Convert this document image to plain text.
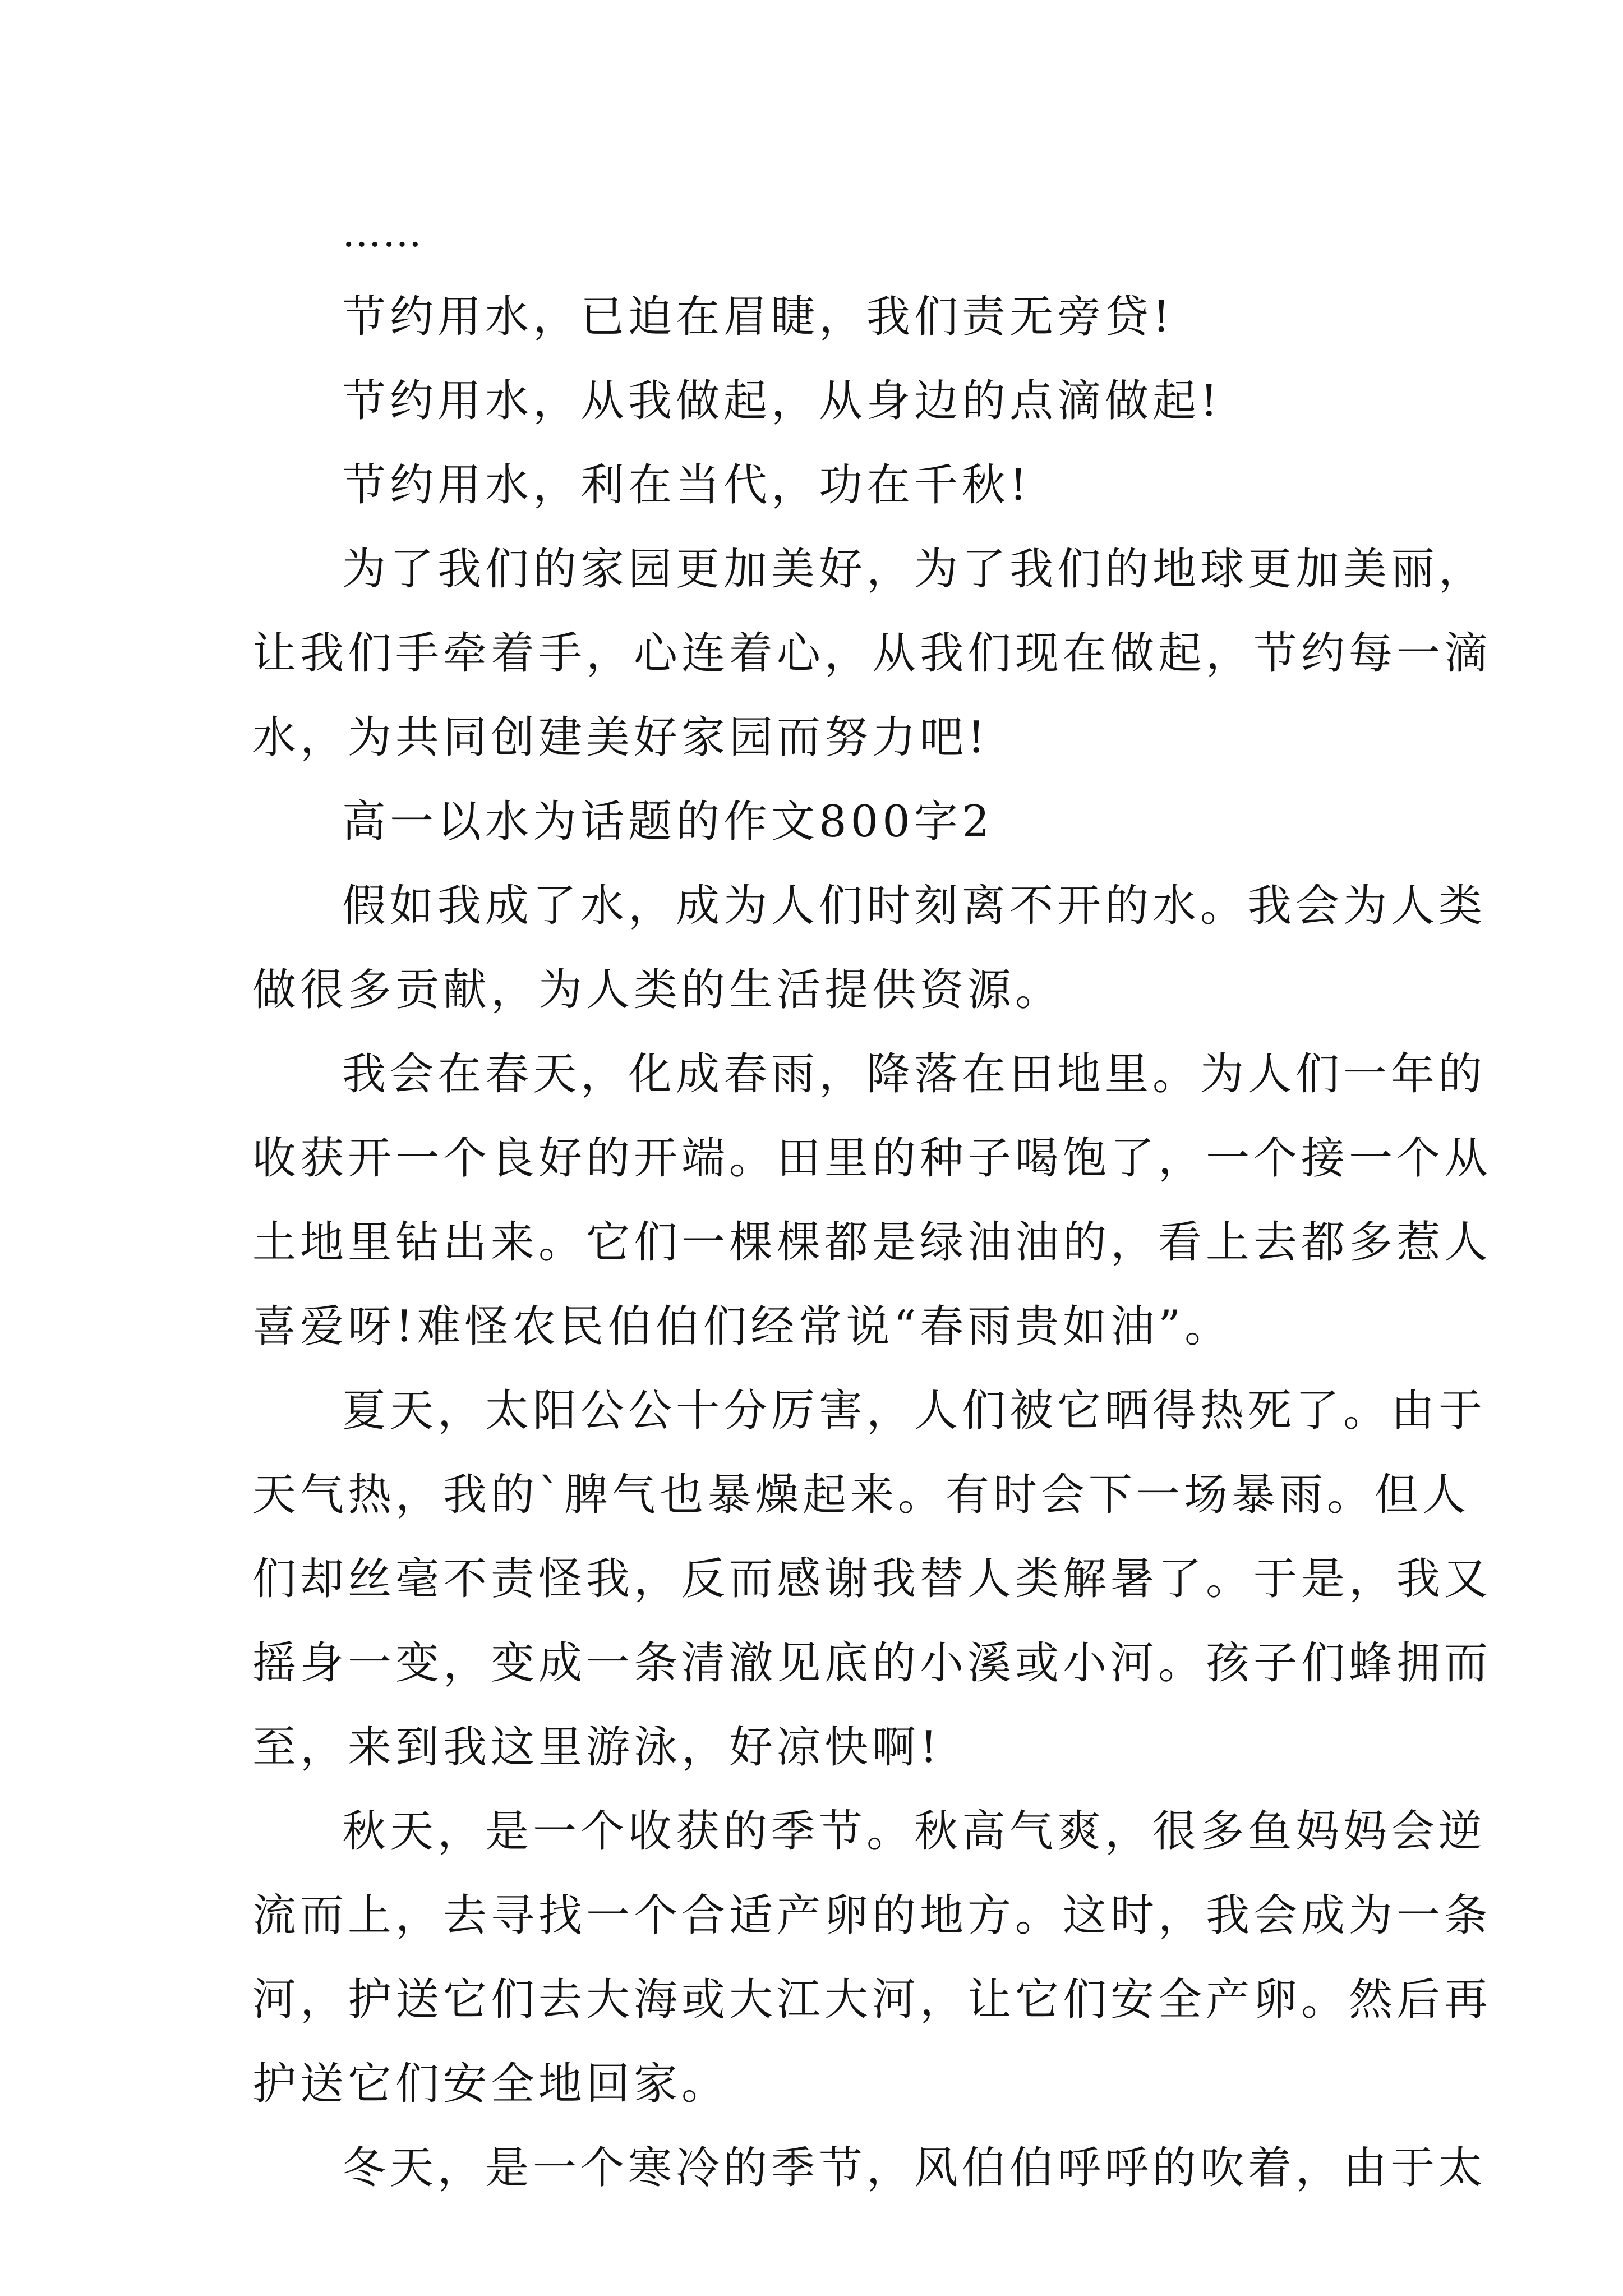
……
节约用水，已迫在眉睫，我们责无旁贷!
节约用水，从我做起，从身边的点滴做起!
节约用水，利在当代，功在千秋!
为了我们的家园更加美好，为了我们的地球更加美丽，
让我们手牵着手，心连着心，从我们现在做起，节约每一滴
水，为共同创建美好家园而努力吧!
高一以水为话题的作文800字2
假如我成了水，成为人们时刻离不开的水。我会为人类
做很多贡献，为人类的生活提供资源。
我会在春天，化成春雨，降落在田地里。为人们一年的
收获开一个良好的开端。田里的种子喝饱了，一个接一个从
土地里钻出来。它们一棵棵都是绿油油的，看上去都多惹人
喜爱呀!难怪农民伯伯们经常说“春雨贵如油”。
夏天，太阳公公十分厉害，人们被它晒得热死了。由于
天气热，我的`脾气也暴燥起来。有时会下一场暴雨。但人
们却丝毫不责怪我，反而感谢我替人类解暑了。于是，我又
摇身一变，变成一条清澈见底的小溪或小河。孩子们蜂拥而
至，来到我这里游泳，好凉快啊!
秋天，是一个收获的季节。秋高气爽，很多鱼妈妈会逆
流而上，去寻找一个合适产卵的地方。这时，我会成为一条
河，护送它们去大海或大江大河，让它们安全产卵。然后再
护送它们安全地回家。
冬天，是一个寒冷的季节，风伯伯呼呼的吹着，由于太
